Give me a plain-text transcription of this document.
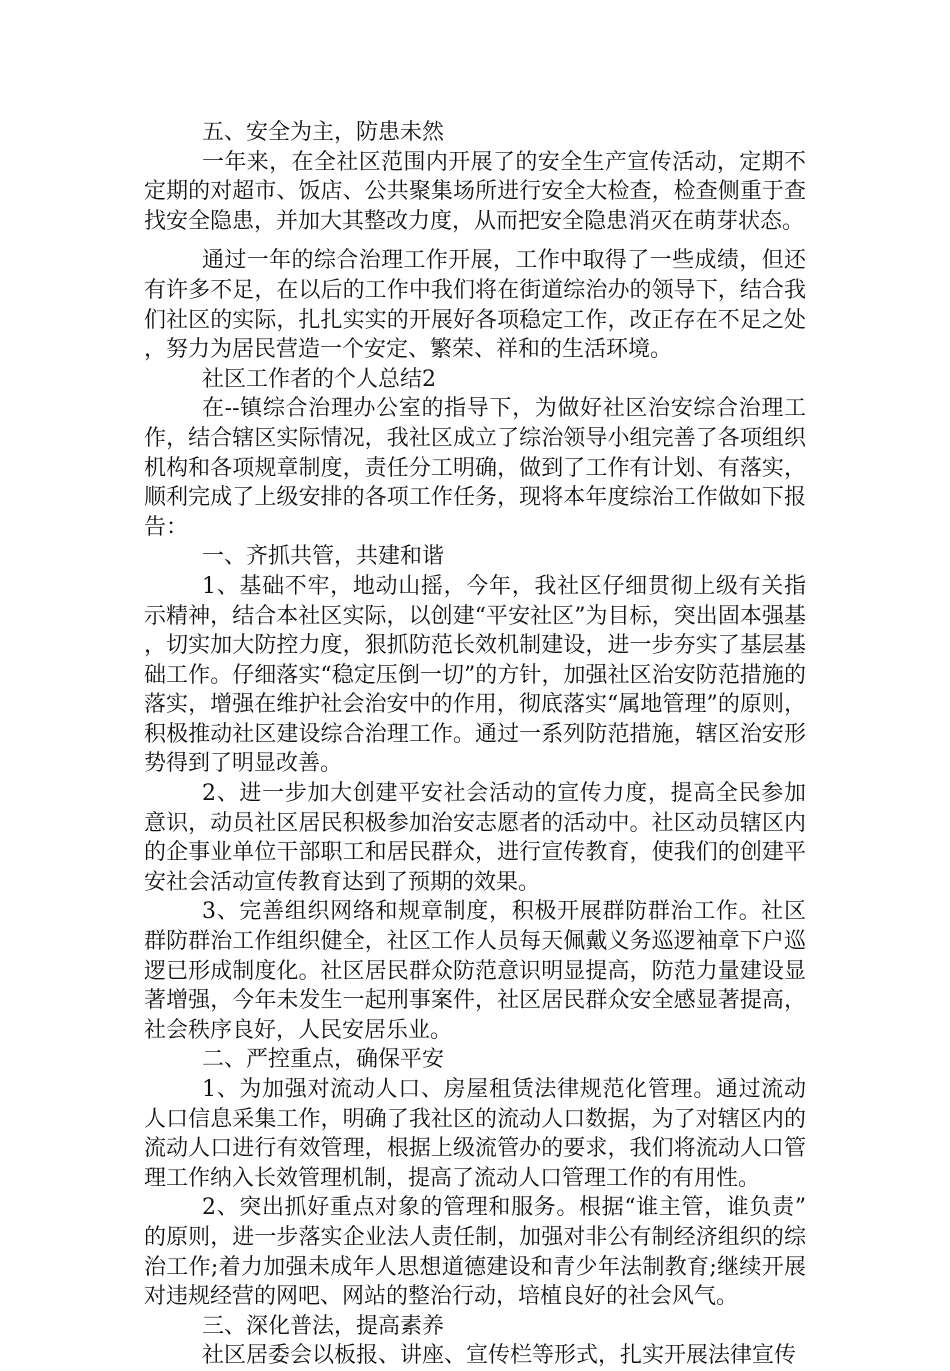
五、安全为主，防患未然

一年来，在全社区范围内开展了的安全生产宣传活动，定期不定期的对超市、饭店、公共聚集场所进行安全大检查，检查侧重于查找安全隐患，并加大其整改力度，从而把安全隐患消灭在萌芽状态。

通过一年的综合治理工作开展，工作中取得了一些成绩，但还有许多不足，在以后的工作中我们将在街道综治办的领导下，结合我们社区的实际，扎扎实实的开展好各项稳定工作，改正存在不足之处，努力为居民营造一个安定、繁荣、祥和的生活环境。

社区工作者的个人总结2

在--镇综合治理办公室的指导下，为做好社区治安综合治理工作，结合辖区实际情况，我社区成立了综治领导小组完善了各项组织机构和各项规章制度，责任分工明确，做到了工作有计划、有落实，顺利完成了上级安排的各项工作任务，现将本年度综治工作做如下报告：

一、齐抓共管，共建和谐

1、基础不牢，地动山摇，今年，我社区仔细贯彻上级有关指示精神，结合本社区实际，以创建“平安社区”为目标，突出固本强基，切实加大防控力度，狠抓防范长效机制建设，进一步夯实了基层基础工作。仔细落实“稳定压倒一切”的方针，加强社区治安防范措施的落实，增强在维护社会治安中的作用，彻底落实“属地管理”的原则，积极推动社区建设综合治理工作。通过一系列防范措施，辖区治安形势得到了明显改善。

2、进一步加大创建平安社会活动的宣传力度，提高全民参加意识，动员社区居民积极参加治安志愿者的活动中。社区动员辖区内的企事业单位干部职工和居民群众，进行宣传教育，使我们的创建平安社会活动宣传教育达到了预期的效果。

3、完善组织网络和规章制度，积极开展群防群治工作。社区群防群治工作组织健全，社区工作人员每天佩戴义务巡逻袖章下户巡逻已形成制度化。社区居民群众防范意识明显提高，防范力量建设显著增强，今年未发生一起刑事案件，社区居民群众安全感显著提高，社会秩序良好，人民安居乐业。

二、严控重点，确保平安

1、为加强对流动人口、房屋租赁法律规范化管理。通过流动人口信息采集工作，明确了我社区的流动人口数据，为了对辖区内的流动人口进行有效管理，根据上级流管办的要求，我们将流动人口管理工作纳入长效管理机制，提高了流动人口管理工作的有用性。

2、突出抓好重点对象的管理和服务。根据“谁主管，谁负责”的原则，进一步落实企业法人责任制，加强对非公有制经济组织的综治工作;着力加强未成年人思想道德建设和青少年法制教育;继续开展对违规经营的网吧、网站的整治行动，培植良好的社会风气。

三、深化普法，提高素养

社区居委会以板报、讲座、宣传栏等形式，扎实开展法律宣传
